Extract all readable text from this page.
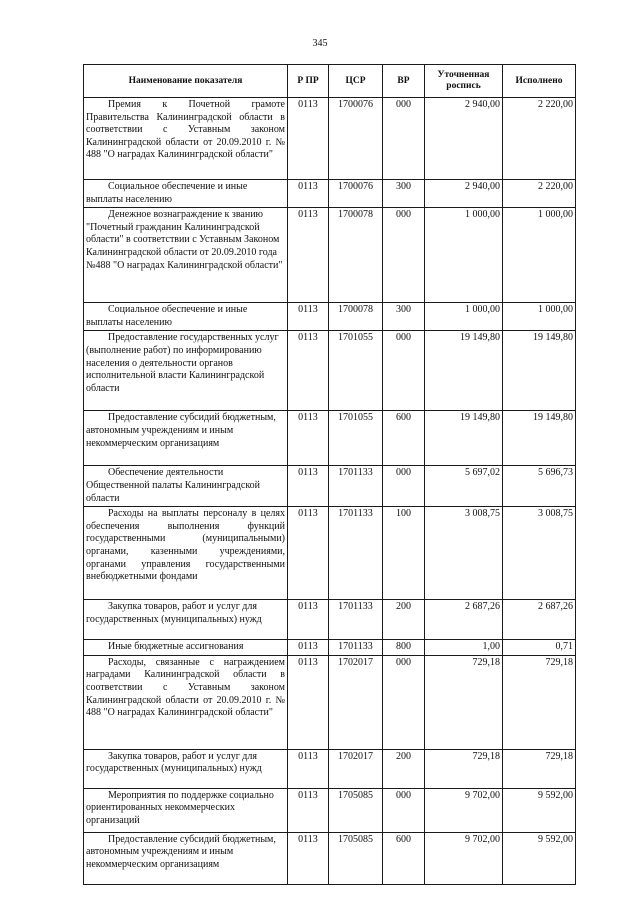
345
Наименование показателя	Р ПР	ЦСР	ВР	Уточненная роспись	Исполнено
Премия к Почетной грамоте Правительства Калининградской области в соответствии с Уставным законом Калининградской области от 20.09.2010 г. № 488 "О наградах Калининградской области"	0113	1700076	000	2 940,00	2 220,00
Социальное обеспечение и иные выплаты населению	0113	1700076	300	2 940,00	2 220,00
Денежное вознаграждение к званию "Почетный гражданин Калининградской области" в соответствии с Уставным Законом Калининградской области от 20.09.2010 года №488 "О наградах Калининградской области"	0113	1700078	000	1 000,00	1 000,00
Социальное обеспечение и иные выплаты населению	0113	1700078	300	1 000,00	1 000,00
Предоставление государственных услуг (выполнение работ) по информированию населения о деятельности органов исполнительной власти Калининградской области	0113	1701055	000	19 149,80	19 149,80
Предоставление субсидий бюджетным, автономным учреждениям и иным некоммерческим организациям	0113	1701055	600	19 149,80	19 149,80
Обеспечение деятельности Общественной палаты Калининградской области	0113	1701133	000	5 697,02	5 696,73
Расходы на выплаты персоналу в целях обеспечения выполнения функций государственными (муниципальными) органами, казенными учреждениями, органами управления государственными внебюджетными фондами	0113	1701133	100	3 008,75	3 008,75
Закупка товаров, работ и услуг для государственных (муниципальных) нужд	0113	1701133	200	2 687,26	2 687,26
Иные бюджетные ассигнования	0113	1701133	800	1,00	0,71
Расходы, связанные с награждением наградами Калининградской области в соответствии с Уставным законом Калининградской области от 20.09.2010 г. № 488 "О наградах Калининградской области"	0113	1702017	000	729,18	729,18
Закупка товаров, работ и услуг для государственных (муниципальных) нужд	0113	1702017	200	729,18	729,18
Мероприятия по поддержке социально ориентированных некоммерческих организаций	0113	1705085	000	9 702,00	9 592,00
Предоставление субсидий бюджетным, автономным учреждениям и иным некоммерческим организациям	0113	1705085	600	9 702,00	9 592,00
